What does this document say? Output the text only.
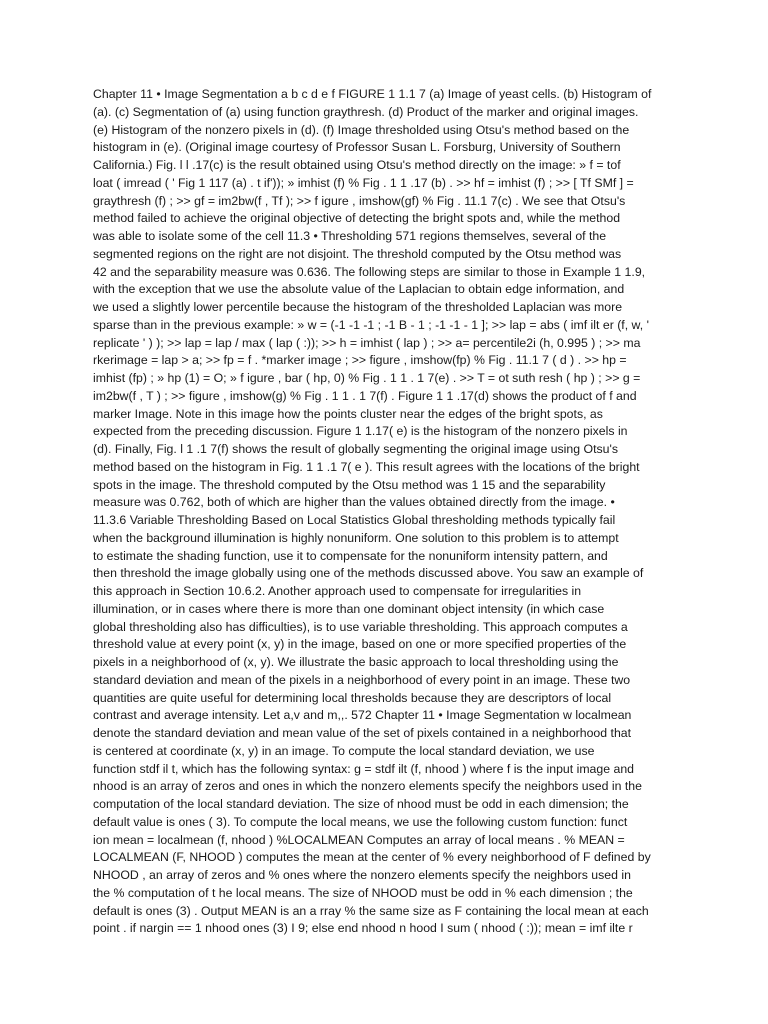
Chapter 11 • Image Segmentation a b c d e f FIGURE 1 1.1 7 (a) Image of yeast cells. (b) Histogram of
(a). (c) Segmentation of (a) using function graythresh. (d) Product of the marker and original images.
(e) Histogram of the nonzero pixels in (d). (f) Image thresholded using Otsu's method based on the
histogram in (e). (Original image courtesy of Professor Susan L. Forsburg, University of Southern
California.) Fig. l l .17(c) is the result obtained using Otsu's method directly on the image: » f = tof
loat ( imread ( ' Fig 1 117 (a) . t if')); » imhist (f) % Fig . 1 1 .17 (b) . >> hf = imhist (f) ; >> [ Tf SMf ] =
graythresh (f) ; >> gf = im2bw(f , Tf ); >> f igure , imshow(gf) % Fig . 11.1 7(c) . We see that Otsu's
method failed to achieve the original objective of detecting the bright spots and, while the method
was able to isolate some of the cell 11.3 • Thresholding 571 regions themselves, several of the
segmented regions on the right are not disjoint. The threshold computed by the Otsu method was
42 and the separability measure was 0.636. The following steps are similar to those in Example 1 1.9,
with the exception that we use the absolute value of the Laplacian to obtain edge information, and
we used a slightly lower percentile because the histogram of the thresholded Laplacian was more
sparse than in the previous example: » w = (-1 -1 -1 ; -1 B - 1 ; -1 -1 - 1 ]; >> lap = abs ( imf ilt er (f, w, '
replicate ' ) ); >> lap = lap / max ( lap ( :)); >> h = imhist ( lap ) ; >> a= percentile2i (h, 0.995 ) ; >> ma
rkerimage = lap > a; >> fp = f . *marker image ; >> figure , imshow(fp) % Fig . 11.1 7 ( d ) . >> hp =
imhist (fp) ; » hp (1) = O; » f igure , bar ( hp, 0) % Fig . 1 1 . 1 7(e) . >> T = ot suth resh ( hp ) ; >> g =
im2bw(f , T ) ; >> figure , imshow(g) % Fig . 1 1 . 1 7(f) . Figure 1 1 .17(d) shows the product of f and
marker Image. Note in this image how the points cluster near the edges of the bright spots, as
expected from the preceding discussion. Figure 1 1.17( e) is the histogram of the nonzero pixels in
(d). Finally, Fig. l 1 .1 7(f) shows the result of globally segmenting the original image using Otsu's
method based on the histogram in Fig. 1 1 .1 7( e ). This result agrees with the locations of the bright
spots in the image. The threshold computed by the Otsu method was 1 15 and the separability
measure was 0.762, both of which are higher than the values obtained directly from the image. •
11.3.6 Variable Thresholding Based on Local Statistics Global thresholding methods typically fail
when the background illumination is highly nonuniform. One solution to this problem is to attempt
to estimate the shading function, use it to compensate for the nonuniform intensity pattern, and
then threshold the image globally using one of the methods discussed above. You saw an example of
this approach in Section 10.6.2. Another approach used to compensate for irregularities in
illumination, or in cases where there is more than one dominant object intensity (in which case
global thresholding also has difficulties), is to use variable thresholding. This approach computes a
threshold value at every point (x, y) in the image, based on one or more specified properties of the
pixels in a neighborhood of (x, y). We illustrate the basic approach to local thresholding using the
standard deviation and mean of the pixels in a neighborhood of every point in an image. These two
quantities are quite useful for determining local thresholds because they are descriptors of local
contrast and average intensity. Let a,v and m,,. 572 Chapter 11 • Image Segmentation w localmean
denote the standard deviation and mean value of the set of pixels contained in a neighborhood that
is centered at coordinate (x, y) in an image. To compute the local standard deviation, we use
function stdf il t, which has the following syntax: g = stdf ilt (f, nhood ) where f is the input image and
nhood is an array of zeros and ones in which the nonzero elements specify the neighbors used in the
computation of the local standard deviation. The size of nhood must be odd in each dimension; the
default value is ones ( 3). To compute the local means, we use the following custom function: funct
ion mean = localmean (f, nhood ) %LOCALMEAN Computes an array of local means . % MEAN =
LOCALMEAN (F, NHOOD ) computes the mean at the center of % every neighborhood of F defined by
NHOOD , an array of zeros and % ones where the nonzero elements specify the neighbors used in
the % computation of t he local means. The size of NHOOD must be odd in % each dimension ; the
default is ones (3) . Output MEAN is an a rray % the same size as F containing the local mean at each
point . if nargin == 1 nhood ones (3) I 9; else end nhood n hood I sum ( nhood ( :)); mean = imf ilte r
